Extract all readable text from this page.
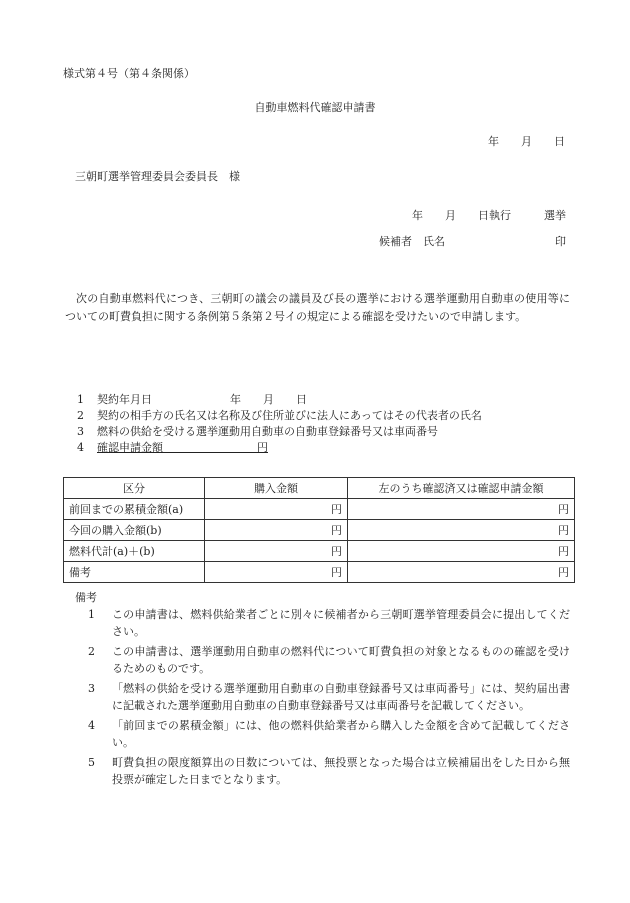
様式第４号（第４条関係）
自動車燃料代確認申請書
年　　月　　日
三朝町選挙管理委員会委員長　様
年　　月　　日執行　　　選挙
候補者　氏名	印
次の自動車燃料代につき、三朝町の議会の議員及び長の選挙における選挙運動用自動車の使用等についての町費負担に関する条例第５条第２号イの規定による確認を受けたいので申請します。
1 契約年月日	年　　月　　日
2 契約の相手方の氏名又は名称及び住所並びに法人にあってはその代表者の氏名
3 燃料の供給を受ける選挙運動用自動車の自動車登録番号又は車両番号
4 確認申請金額	円
区分	購入金額	左のうち確認済又は確認申請金額
前回までの累積金額(a)	円	円
今回の購入金額(b)	円	円
燃料代計(a)＋(b)	円	円
備考	円	円
備考
1 この申請書は、燃料供給業者ごとに別々に候補者から三朝町選挙管理委員会に提出してください。
2 この申請書は、選挙運動用自動車の燃料代について町費負担の対象となるものの確認を受けるためのものです。
3 「燃料の供給を受ける選挙運動用自動車の自動車登録番号又は車両番号」には、契約届出書に記載された選挙運動用自動車の自動車登録番号又は車両番号を記載してください。
4 「前回までの累積金額」には、他の燃料供給業者から購入した金額を含めて記載してください。
5 町費負担の限度額算出の日数については、無投票となった場合は立候補届出をした日から無投票が確定した日までとなります。
